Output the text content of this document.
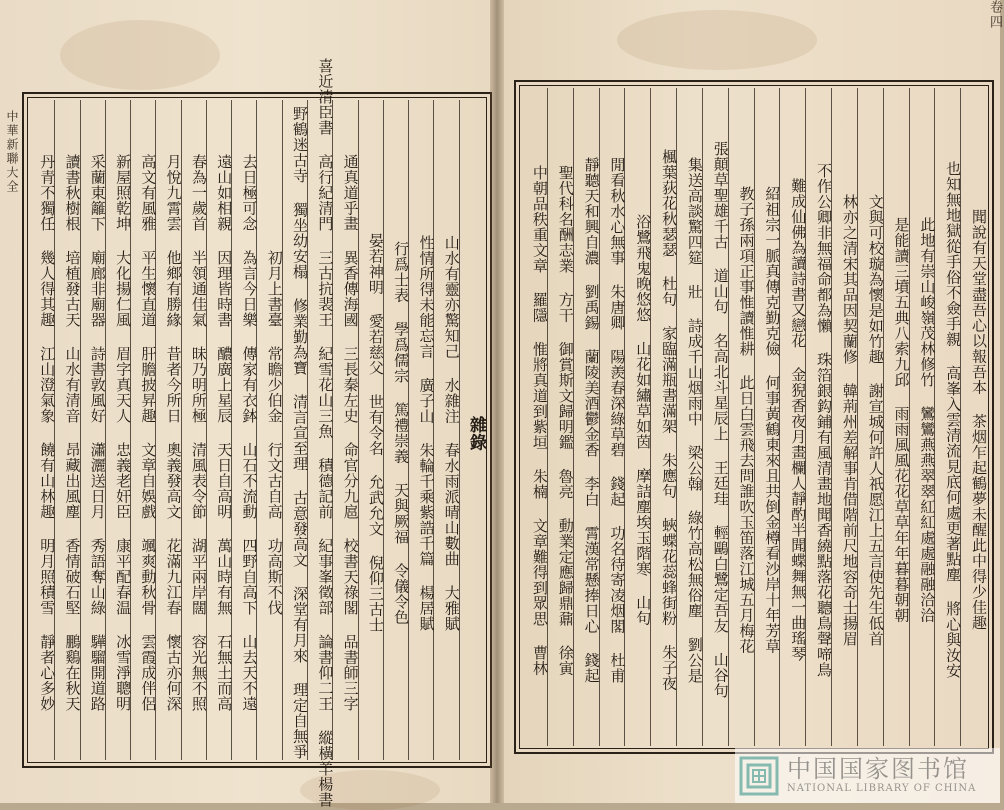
中華新聯大全
雜錄
山水有靈亦驚知己 水雜注 春水雨派晴山數曲 大雅賦
性情所得未能忘言 廣子山 朱輪千乘紫誥千篇 楊居賦
行爲士表 學爲儒宗 篤禮崇義 天與厥福 令儀令色
晏若神明 愛若慈父 世有令名 允武允文 倪仰三古士
通真道乎畫 異香傳海國 三長秦左史 命官分九扈 校書天祿閣 品書師三字
喜近清臣書 高行紀清門 三古抗裴王 紀雪花山三魚 積德記前 紀事峯徵部 論書仰二王 縱橫羊楊書
野鶴迷古寺 獨坐幼安榻 修業勤為寶 清言宣至理 古意發高文 深堂有月來 理定自無爭
初月上書臺 常瞻少伯金 行文古自高 功高斯不伐
去日極可念 為言今日樂 傳家有衣鉢 山石不流動 四野自高下 山去天不遠
遠山如相親 因理皆時書 醲廣上星辰 天日自高明 萬山時有無 石無土而高
春為一歲首 半領通佳氣 昧乃明所極 清風表令節 湖平兩岸闊 容光無不照
月悅九霄雲 他鄉有勝緣 昔者今所日 奧義發高文 花滿九江春 懷古亦何深
高文有風雅 平生懷直道 肝膽披昇趣 文章自娛戲 颯爽動秋骨 雲霞成伴侶
新屋照乾坤 大化揚仁風 眉字真天人 忠義老奸臣 康平配春温 冰雪淨聰明
采蘭東籬下 廟廊非廟器 詩書敦風好 瀟灑送日月 秀語奪山綠 驊騮開道路
讀書秋樹根 培植發古天 山水有清音 昂藏出風塵 香情破石堅 鵬鷄在秋天
丹青不獨任 幾人得其趣 江山澄氣象 饒有山林趣 明月照積雪 靜者心多妙	聞說有天堂盡吾心以報吾本 茶烟乍起鶴夢未醒此中得少佳趣
也知無地獄從手俗不僉手親 高峯入雲清流見底何處更著點塵 將心與汝安
此地有崇山峻嶺茂林修竹 鸞鸞燕燕翠翠紅紅處處融融洽洽
是能讀三墳五典八索九邱 雨雨風風花花草草年年暮暮朝朝
文與可校璇為懷是如竹趣 謝宣城何許人祇愿江上五言使先生低首
林亦之清宋其品因契蘭修 韓荊州差解事肯借階前尺地容奇士揚眉
不作公卿非無福命都為懶 珠箔銀鈎鋪有風清畫地聞香繞點落花聽鳥聲啼鳥
難成仙佛為讀詩書又戀花 金猊香夜月畫欄人靜酌半聞蝶舞無一曲瑤琴
紹祖宗一脈真傳克勤克儉 何事黃鶴東來且共倒金樽看沙岸十年芳草
教子孫兩項正事惟讀惟耕 此日白雲飛去問誰吹玉笛落江城五月梅花
張顛草聖雄千古 道山句 名高北斗星辰上 王廷珪 輕鷗白鷺定吾友 山谷句
集送高談驚四筵 壯 詩成千山烟雨中 梁公翰 綠竹高松無俗塵 劉公是
楓葉荻花秋瑟瑟 杜句 家臨滿瓶書滿架 朱應句 蛺蝶花蕊蜂街粉 朱子夜
浴鷺飛鬼晚悠悠 山花如繡草如茵 摩詰塵埃玉階寒 山句
閒看秋水心無事 朱唐卿 陽羨春深綠草碧 錢起 功名待寄凌烟閣 杜甫
靜聽天和興自濃 劉禹錫 蘭陵美酒鬱金香 李白 霄漢常懸捧日心 錢起
聖代科名酬志業 方干 御賞斯文歸明鑑 魯亮 動業定應歸鼎鼐 徐寅
中朝品秩重文章 羅隱 惟將真道到紫垣 朱楠 文章難得到眾思 曹林
卷四
中国国家图书馆
NATIONAL LIBRARY OF CHINA
